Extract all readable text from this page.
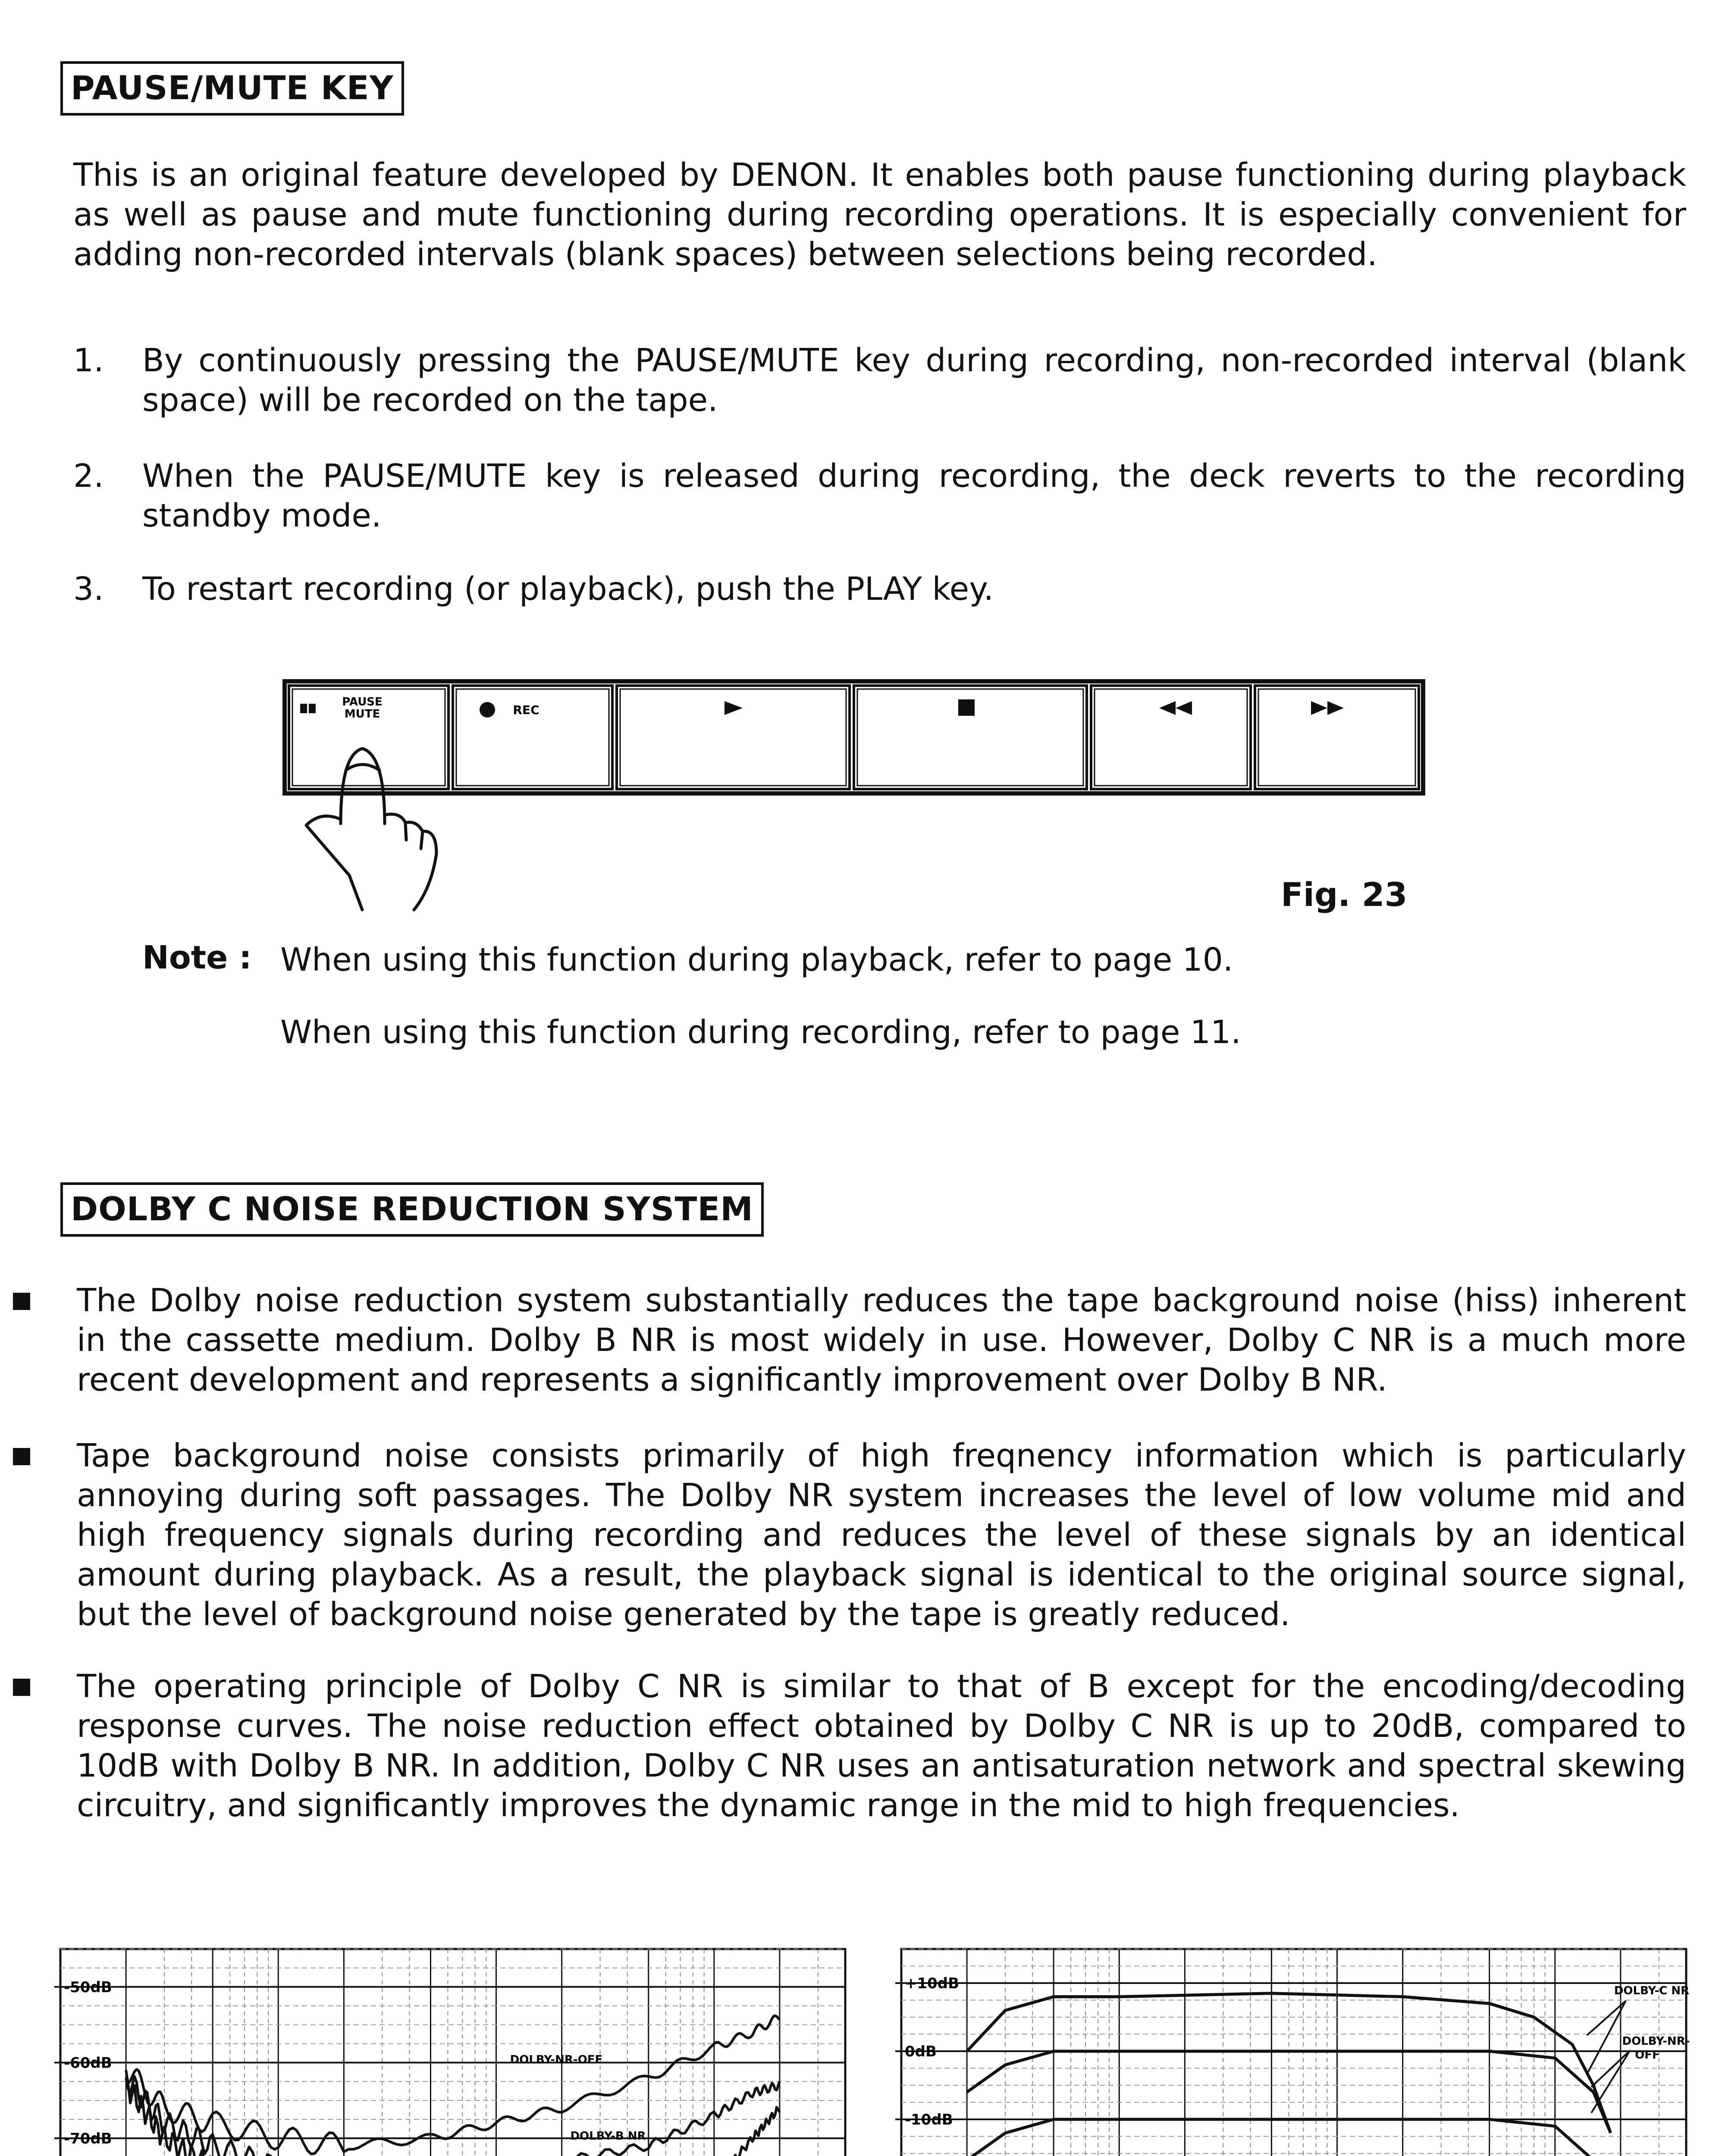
PAUSE/MUTE KEY
This is an original feature developed by DENON. It enables both pause functioning during playback as well as pause and mute functioning during recording operations. It is especially convenient for adding non-recorded intervals (blank spaces) between selections being recorded.
1.	By continuously pressing the PAUSE/MUTE key during recording, non-recorded interval (blank space) will be recorded on the tape.
2.	When the PAUSE/MUTE key is released during recording, the deck reverts to the recording standby mode.
3.	To restart recording (or playback), push the PLAY key.
PAUSE
MUTE	REC
Fig. 23
Note : When using this function during playback, refer to page 10.
When using this function during recording, refer to page 11.
DOLBY C NOISE REDUCTION SYSTEM
The Dolby noise reduction system substantially reduces the tape background noise (hiss) inherent in the cassette medium. Dolby B NR is most widely in use. However, Dolby C NR is a much more recent development and represents a significantly improvement over Dolby B NR.
Tape background noise consists primarily of high freqnency information which is particularly annoying during soft passages. The Dolby NR system increases the level of low volume mid and high frequency signals during recording and reduces the level of these signals by an identical amount during playback. As a result, the playback signal is identical to the original source signal, but the level of background noise generated by the tape is greatly reduced.
The operating principle of Dolby C NR is similar to that of B except for the encoding/decoding response curves. The noise reduction effect obtained by Dolby C NR is up to 20dB, compared to 10dB with Dolby B NR. In addition, Dolby C NR uses an antisaturation network and spectral skewing circuitry, and significantly improves the dynamic range in the mid to high frequencies.
-50dB
-60dB
-70dB
DOLBY-NR-OFF
DOLBY-B NR
+10dB
0dB
-10dB
DOLBY-C NR
DOLBY-NR-
OFF
